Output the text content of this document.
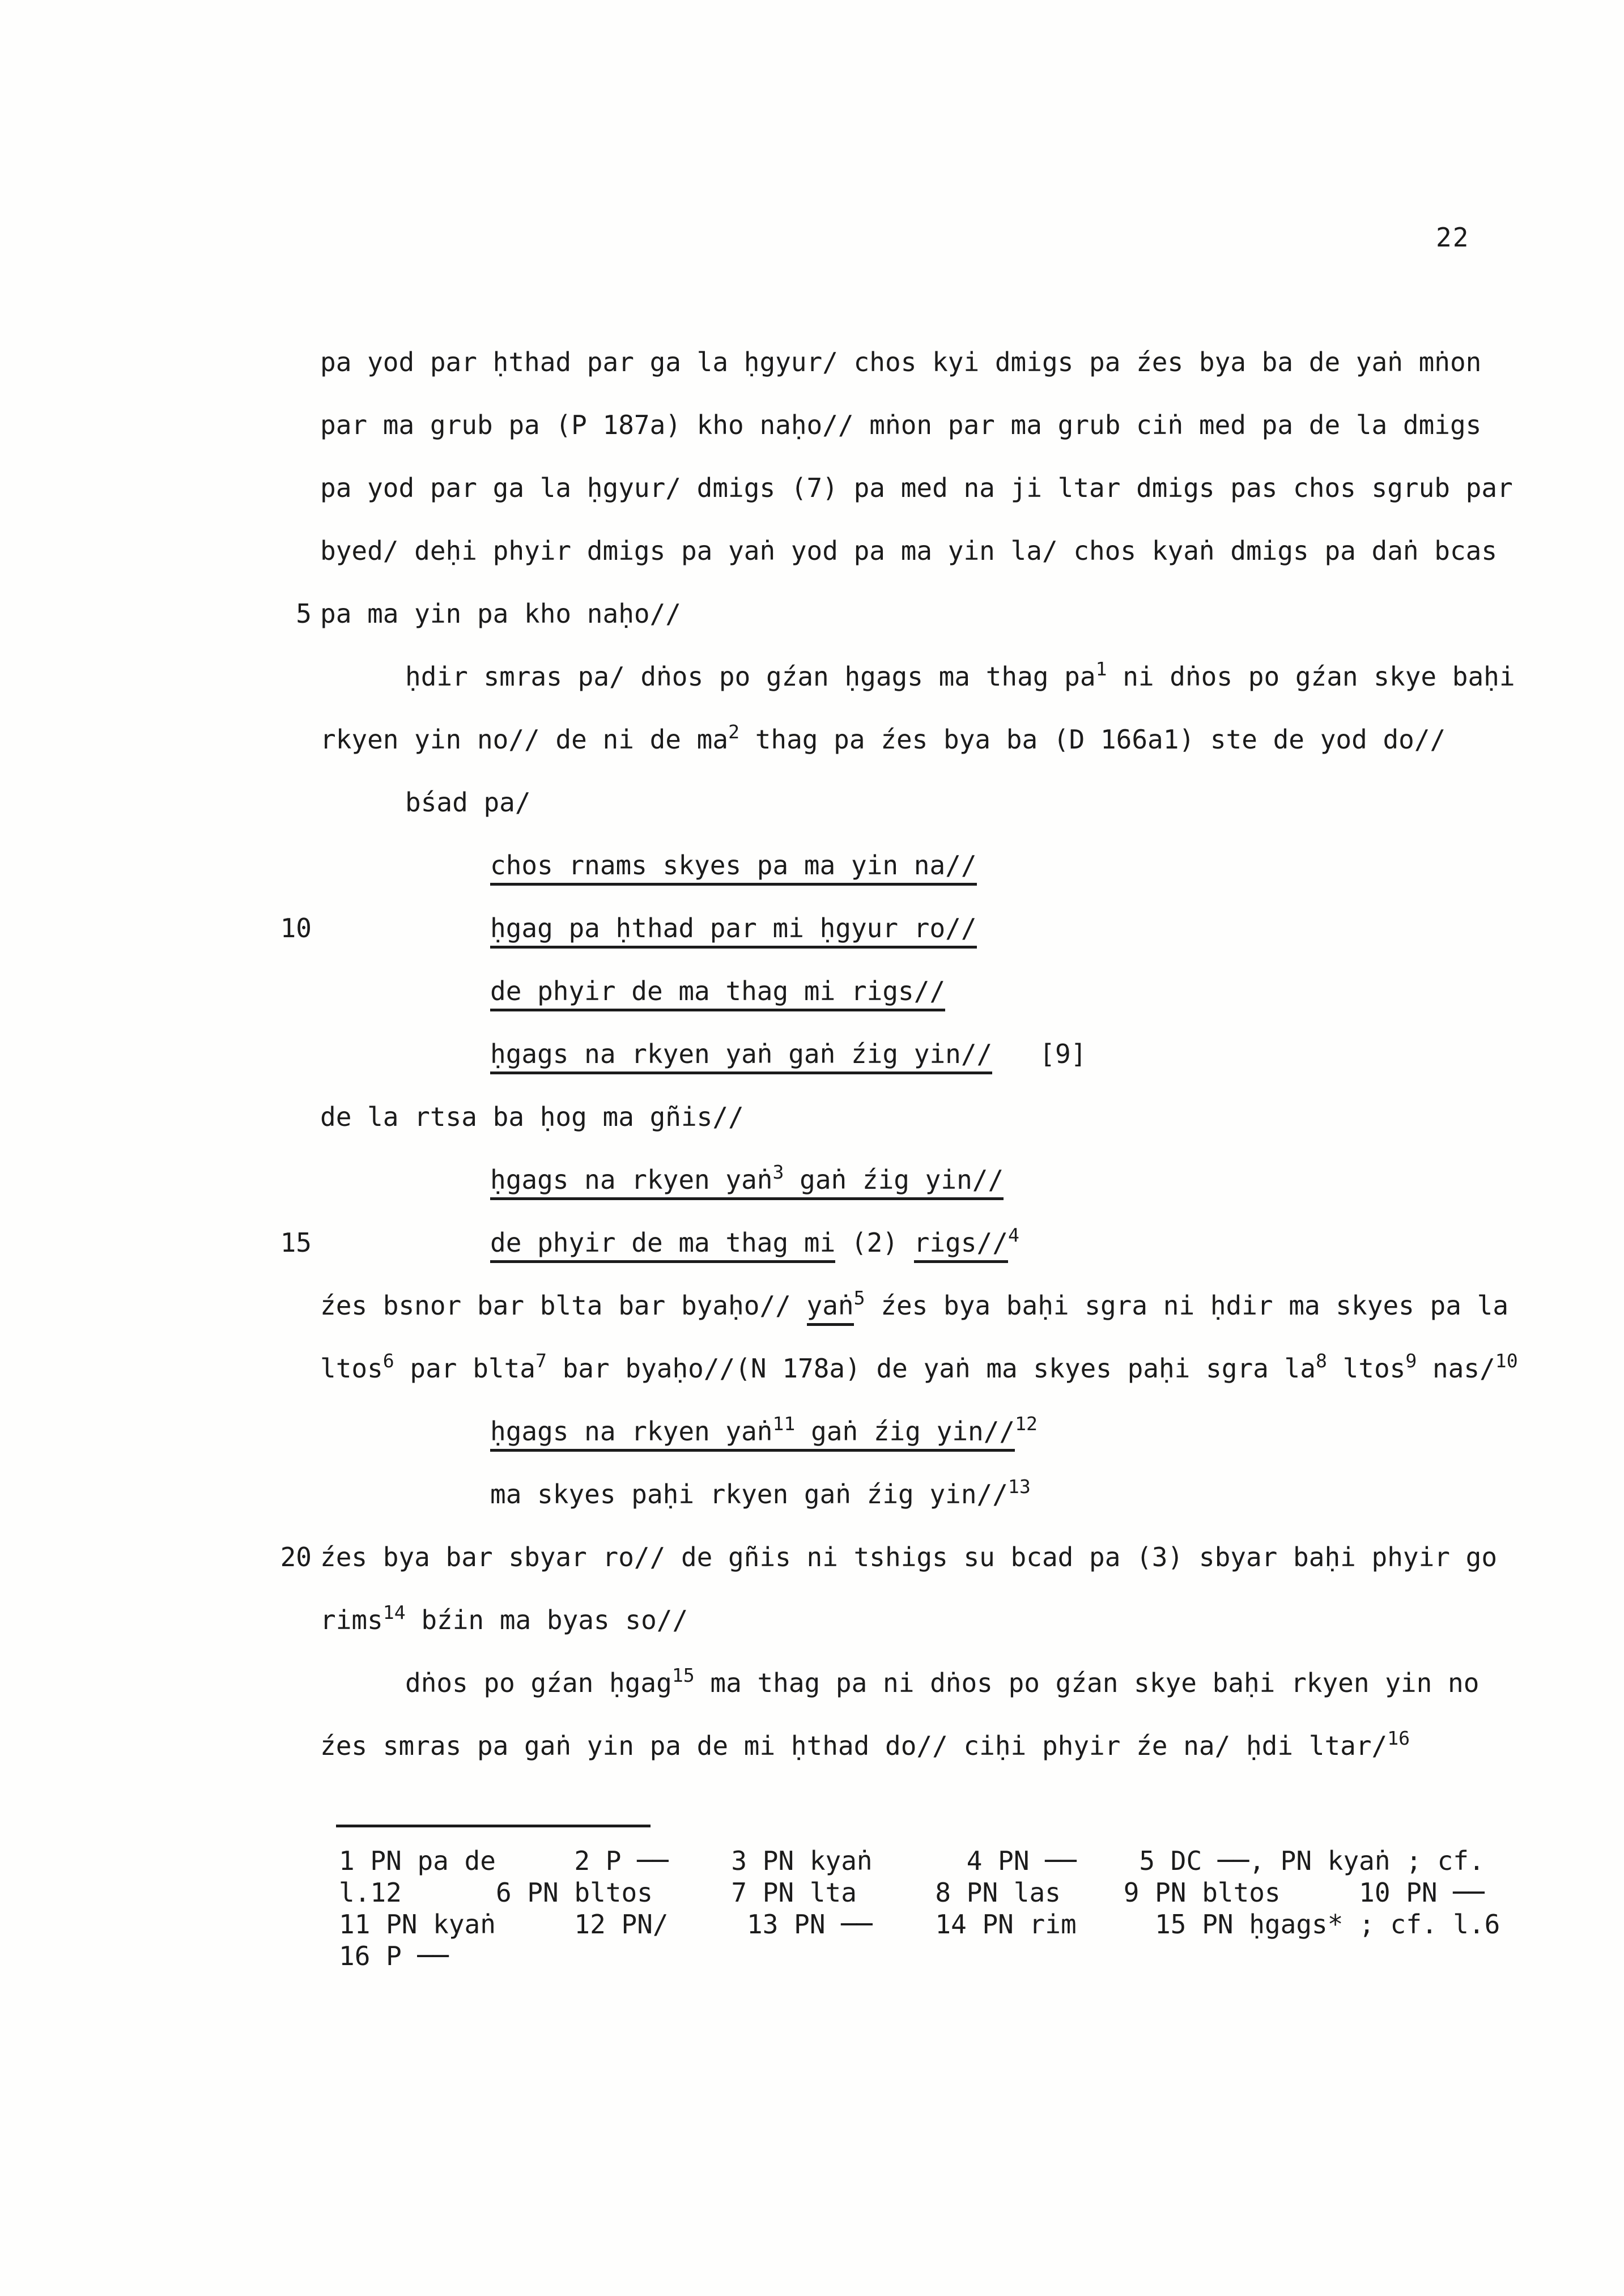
22
pa yod par ḥthad par ga la ḥgyur/ chos kyi dmigs pa źes bya ba de yaṅ mṅon
par ma grub pa (P 187a) kho naḥo// mṅon par ma grub ciṅ med pa de la dmigs
pa yod par ga la ḥgyur/ dmigs (7) pa med na ji ltar dmigs pas chos sgrub par
byed/ deḥi phyir dmigs pa yaṅ yod pa ma yin la/ chos kyaṅ dmigs pa daṅ bcas
5 pa ma yin pa kho naḥo//
ḥdir smras pa/ dṅos po gźan ḥgags ma thag $pa^1$ ni dṅos po gźan skye baḥi
rkyen yin no// de ni de $ma^2$ thag pa źes bya ba (D 166a1) ste de yod do//
bśad pa/
chos rnams skyes pa ma yin na//
10	ḥgag pa ḥthad par mi ḥgyur ro//
de phyir de ma thag mi rigs//
ḥgags na rkyen yaṅ gaṅ źig yin//   [9]
de la rtsa ba ḥog ma gñis//
ḥgags na rkyen yaṅ$^3$ gaṅ źig yin//
15	de phyir de ma thag mi (2) rigs//$^4$
źes bsnor bar blta bar byaḥo// yaṅ$^5$ źes bya baḥi sgra ni ḥdir ma skyes pa la
ltos$^6$ par blta$^7$ bar byaḥo//(N 178a) de yaṅ ma skyes paḥi sgra $la^8$ ltos$^9$ nas/$^{10}$
ḥgags na rkyen yaṅ$^{11}$ gaṅ źig yin//$^{12}$
ma skyes paḥi rkyen gaṅ źig yin//$^{13}$
20 źes bya bar sbyar ro// de gñis ni tshigs su bcad pa (3) sbyar baḥi phyir go
rims$^{14}$ bźin ma byas so//
dṅos po gźan ḥgag$^{15}$ ma thag pa ni dṅos po gźan skye baḥi rkyen yin no
źes smras pa gaṅ yin pa de mi ḥthad do// ciḥi phyir źe na/ ḥdi ltar/$^{16}$
1 PN pa de     2 P ──    3 PN kyaṅ      4 PN ──    5 DC ──, PN kyaṅ ; cf.
l.12      6 PN bltos     7 PN lta     8 PN las    9 PN bltos     10 PN ──
11 PN kyaṅ     12 PN/     13 PN ──    14 PN rim     15 PN ḥgags* ; cf. l.6
16 P ──
